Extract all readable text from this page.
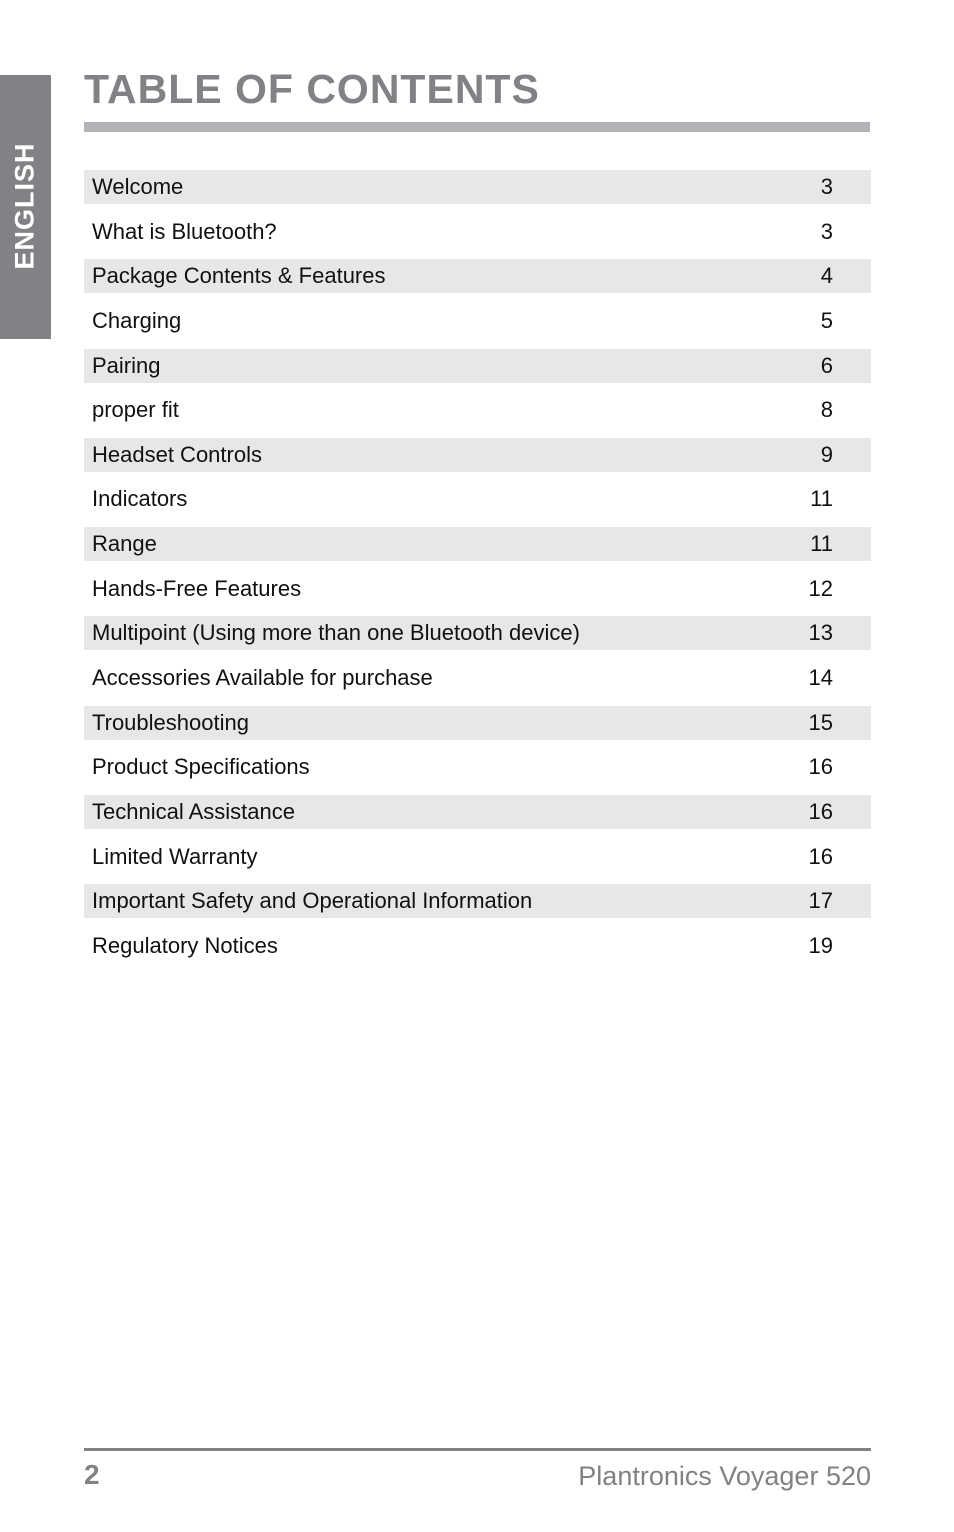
ENGLISH
TABLE OF CONTENTS
Welcome	3
What is Bluetooth?	3
Package Contents & Features	4
Charging	5
Pairing	6
proper fit	8
Headset Controls	9
Indicators	11
Range	11
Hands-Free Features	12
Multipoint (Using more than one Bluetooth device)	13
Accessories Available for purchase	14
Troubleshooting	15
Product Specifications	16
Technical Assistance	16
Limited Warranty	16
Important Safety and Operational Information	17
Regulatory Notices	19
2	Plantronics Voyager 520
